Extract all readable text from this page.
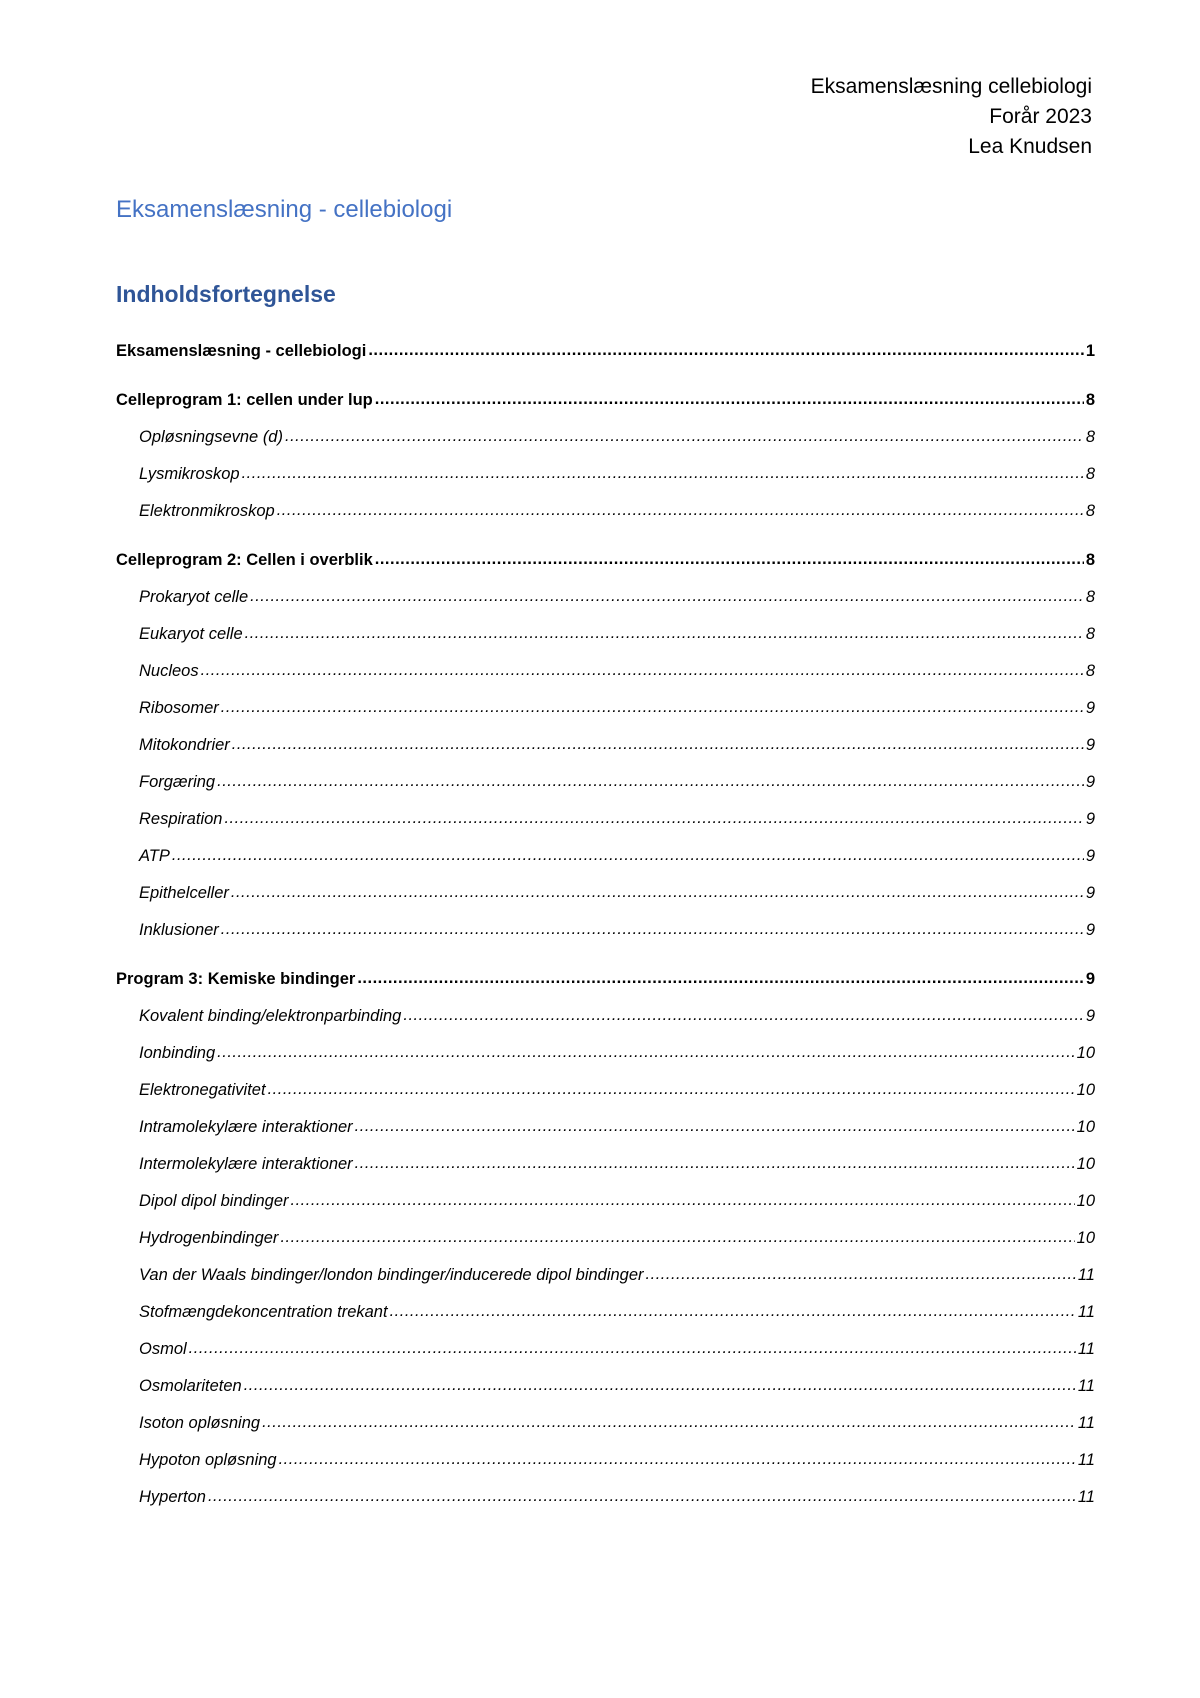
Eksamenslæsning cellebiologi
Forår 2023
Lea Knudsen
Eksamenslæsning - cellebiologi
Indholdsfortegnelse
Eksamenslæsning - cellebiologi .....	1
Celleprogram 1: cellen under lup .....	8
Opløsningsevne (d) .....	8
Lysmikroskop .....	8
Elektronmikroskop .....	8
Celleprogram 2: Cellen i overblik .....	8
Prokaryot celle .....	8
Eukaryot celle .....	8
Nucleos .....	8
Ribosomer .....	9
Mitokondrier .....	9
Forgæring .....	9
Respiration .....	9
ATP .....	9
Epithelceller .....	9
Inklusioner .....	9
Program 3: Kemiske bindinger .....	9
Kovalent binding/elektronparbinding .....	9
Ionbinding .....	10
Elektronegativitet .....	10
Intramolekylære interaktioner .....	10
Intermolekylære interaktioner .....	10
Dipol dipol bindinger .....	10
Hydrogenbindinger .....	10
Van der Waals bindinger/london bindinger/inducerede dipol bindinger .....	11
Stofmængdekoncentration trekant .....	11
Osmol .....	11
Osmolariteten .....	11
Isoton opløsning .....	11
Hypoton opløsning .....	11
Hyperton .....	11
